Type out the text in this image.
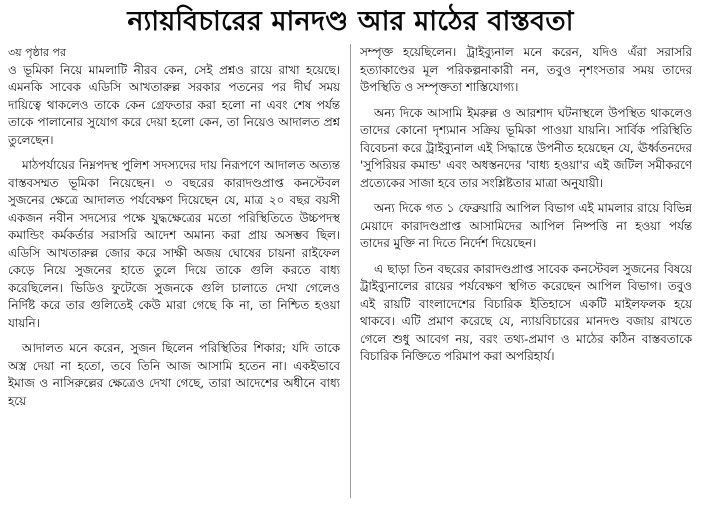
ন্যায়বিচারের মানদণ্ড আর মাঠের বাস্তবতা
৩য় পৃষ্ঠার পর

ও ভূমিকা নিয়ে মামলাটি নীরব কেন, সেই প্রশ্নও রায়ে রাখা হয়েছে। এমনকি সাবেক এডিসি আখতারুল্ল সরকার পতনের পর দীর্ঘ সময় দায়িত্বে থাকলেও তাকে কেন গ্রেফতার করা হলো না এবং শেষ পর্যন্ত তাকে পালানোর সুযোগ করে দেয়া হলো কেন, তা নিয়েও আদালত প্রশ্ন তুলেছেন।

মাঠপর্যায়ের নিম্নপদস্থ পুলিশ সদস্যদের দায় নিরূপণে আদালত অত্যন্ত বাস্তবসম্মত ভূমিকা নিয়েছেন। ৩ বছরের কারাদণ্ডপ্রাপ্ত কনস্টেবল সুজনের ক্ষেত্রে আদালত পর্যবেক্ষণ দিয়েছেন যে, মাত্র ২০ বছর বয়সী একজন নবীন সদস্যের পক্ষে যুদ্ধক্ষেত্রের মতো পরিস্থিতিতে উচ্চপদস্থ কমান্ডিং কর্মকর্তার সরাসরি আদেশ অমান্য করা প্রায় অসম্ভব ছিল। এডিসি আখতারুল্ল জোর করে সাক্ষী অজয় ঘোষের চায়না রাইফেল কেড়ে নিয়ে সুজনের হাতে তুলে দিয়ে তাকে গুলি করতে বাধ্য করেছিলেন। ভিডিও ফুটেজে সুজনকে গুলি চালাতে দেখা গেলেও নির্দিষ্ট করে তার গুলিতেই কেউ মারা গেছে কি না, তা নিশ্চিত হওয়া যায়নি।

আদালত মনে করেন, সুজন ছিলেন পরিস্থিতির শিকার; যদি তাকে অস্ত্র দেয়া না হতো, তবে তিনি আজ আসামি হতেন না। একইভাবে ইমাজ ও নাসিরুল্লের ক্ষেত্রেও দেখা গেছে, তারা আদেশের অধীনে বাধ্য হয়ে

সম্পৃক্ত হয়েছিলেন। ট্রাইব্যুনাল মনে করেন, যদিও এঁরা সরাসরি হত্যাকাণ্ডের মূল পরিকল্পনাকারী নন, তবুও নৃশংসতার সময় তাদের উপস্থিতি ও সম্পৃক্ততা শাস্তিযোগ্য।

অন্য দিকে আসামি ইমরুল্ল ও আরশাদ ঘটনাস্থলে উপস্থিত থাকলেও তাদের কোনো দৃশ্যমান সক্রিয় ভূমিকা পাওয়া যায়নি। সার্বিক পরিস্থিতি বিবেচনা করে ট্রাইব্যুনাল এই সিদ্ধান্তে উপনীত হয়েছেন যে, ঊর্ধ্বতনদের 'সুপিরিয়র কমান্ড' এবং অধস্তনদের 'বাধ্য হওয়া'র এই জটিল সমীকরণে প্রত্যেকের সাজা হবে তার সংশ্লিষ্টতার মাত্রা অনুযায়ী।

অন্য দিকে গত ১ ফেব্রুয়ারি আপিল বিভাগ এই মামলার রায়ে বিভিন্ন মেয়াদে কারাদণ্ডপ্রাপ্ত আসামিদের আপিল নিষ্পত্তি না হওয়া পর্যন্ত তাদের মুক্তি না দিতে নির্দেশ দিয়েছেন।

এ ছাড়া তিন বছরের কারাদণ্ডপ্রাপ্ত সাবেক কনস্টেবল সুজনের বিষয়ে ট্রাইব্যুনালের রায়ের পর্যবেক্ষণ স্থগিত করেছেন আপিল বিভাগ। তবুও এই রায়টি বাংলাদেশের বিচারিক ইতিহাসে একটি মাইলফলক হয়ে থাকবে। এটি প্রমাণ করেছে যে, ন্যায়বিচারের মানদণ্ড বজায় রাখতে গেলে শুধু আবেগ নয়, বরং তথ্য-প্রমাণ ও মাঠের কঠিন বাস্তবতাকে বিচারিক নিক্তিতে পরিমাপ করা অপরিহার্য।
